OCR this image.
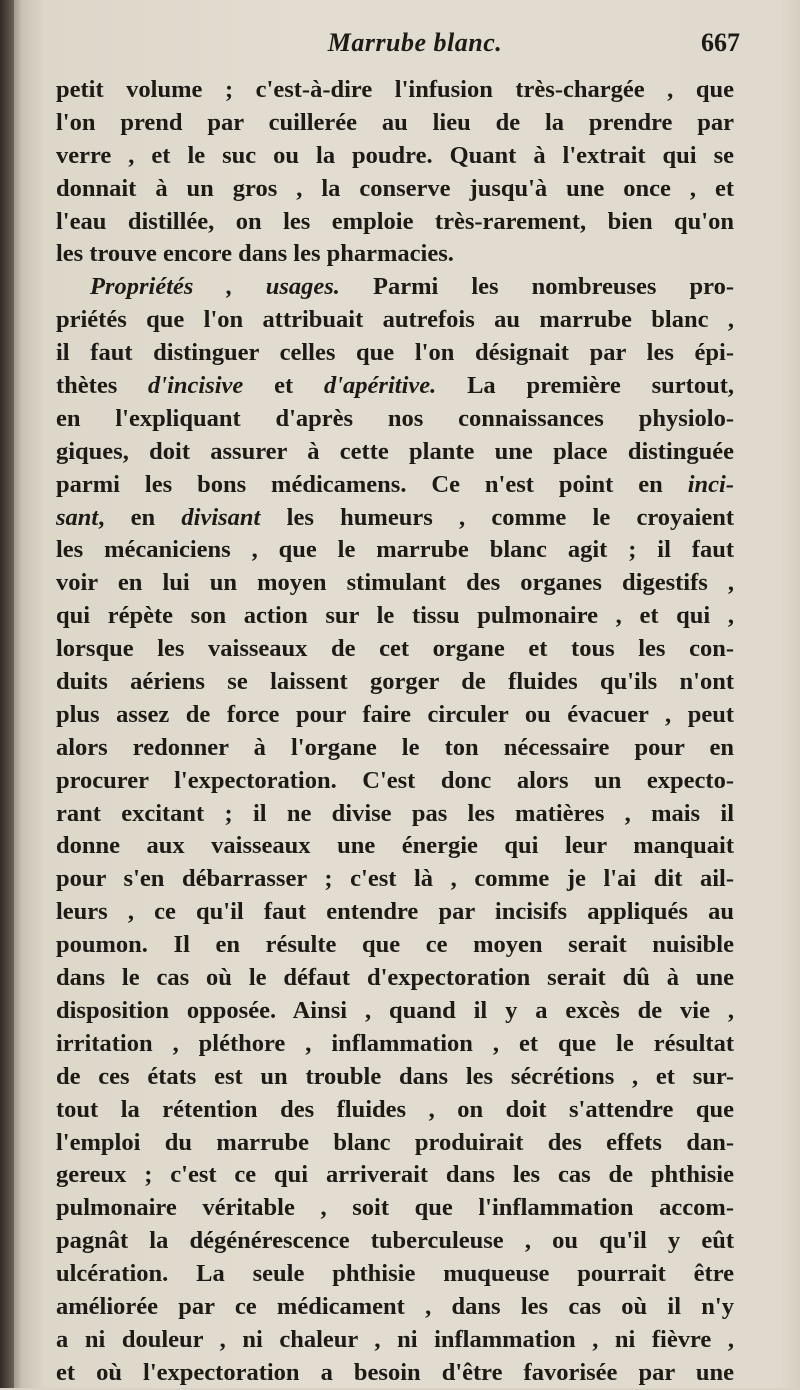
Marrube blanc.	667
petit volume ; c'est-à-dire l'infusion très-chargée , que
l'on prend par cuillerée au lieu de la prendre par
verre , et le suc ou la poudre. Quant à l'extrait qui se
donnait à un gros , la conserve jusqu'à une once , et
l'eau distillée, on les emploie très-rarement, bien qu'on
les trouve encore dans les pharmacies.
Propriétés , usages. Parmi les nombreuses pro-
priétés que l'on attribuait autrefois au marrube blanc ,
il faut distinguer celles que l'on désignait par les épi-
thètes d'incisive et d'apéritive. La première surtout,
en l'expliquant d'après nos connaissances physiolo-
giques, doit assurer à cette plante une place distinguée
parmi les bons médicamens. Ce n'est point en inci-
sant, en divisant les humeurs , comme le croyaient
les mécaniciens , que le marrube blanc agit ; il faut
voir en lui un moyen stimulant des organes digestifs ,
qui répète son action sur le tissu pulmonaire , et qui ,
lorsque les vaisseaux de cet organe et tous les con-
duits aériens se laissent gorger de fluides qu'ils n'ont
plus assez de force pour faire circuler ou évacuer , peut
alors redonner à l'organe le ton nécessaire pour en
procurer l'expectoration. C'est donc alors un expecto-
rant excitant ; il ne divise pas les matières , mais il
donne aux vaisseaux une énergie qui leur manquait
pour s'en débarrasser ; c'est là , comme je l'ai dit ail-
leurs , ce qu'il faut entendre par incisifs appliqués au
poumon. Il en résulte que ce moyen serait nuisible
dans le cas où le défaut d'expectoration serait dû à une
disposition opposée. Ainsi , quand il y a excès de vie ,
irritation , pléthore , inflammation , et que le résultat
de ces états est un trouble dans les sécrétions , et sur-
tout la rétention des fluides , on doit s'attendre que
l'emploi du marrube blanc produirait des effets dan-
gereux ; c'est ce qui arriverait dans les cas de phthisie
pulmonaire véritable , soit que l'inflammation accom-
pagnât la dégénérescence tuberculeuse , ou qu'il y eût
ulcération. La seule phthisie muqueuse pourrait être
améliorée par ce médicament , dans les cas où il n'y
a ni douleur , ni chaleur , ni inflammation , ni fièvre ,
et où l'expectoration a besoin d'être favorisée par une
